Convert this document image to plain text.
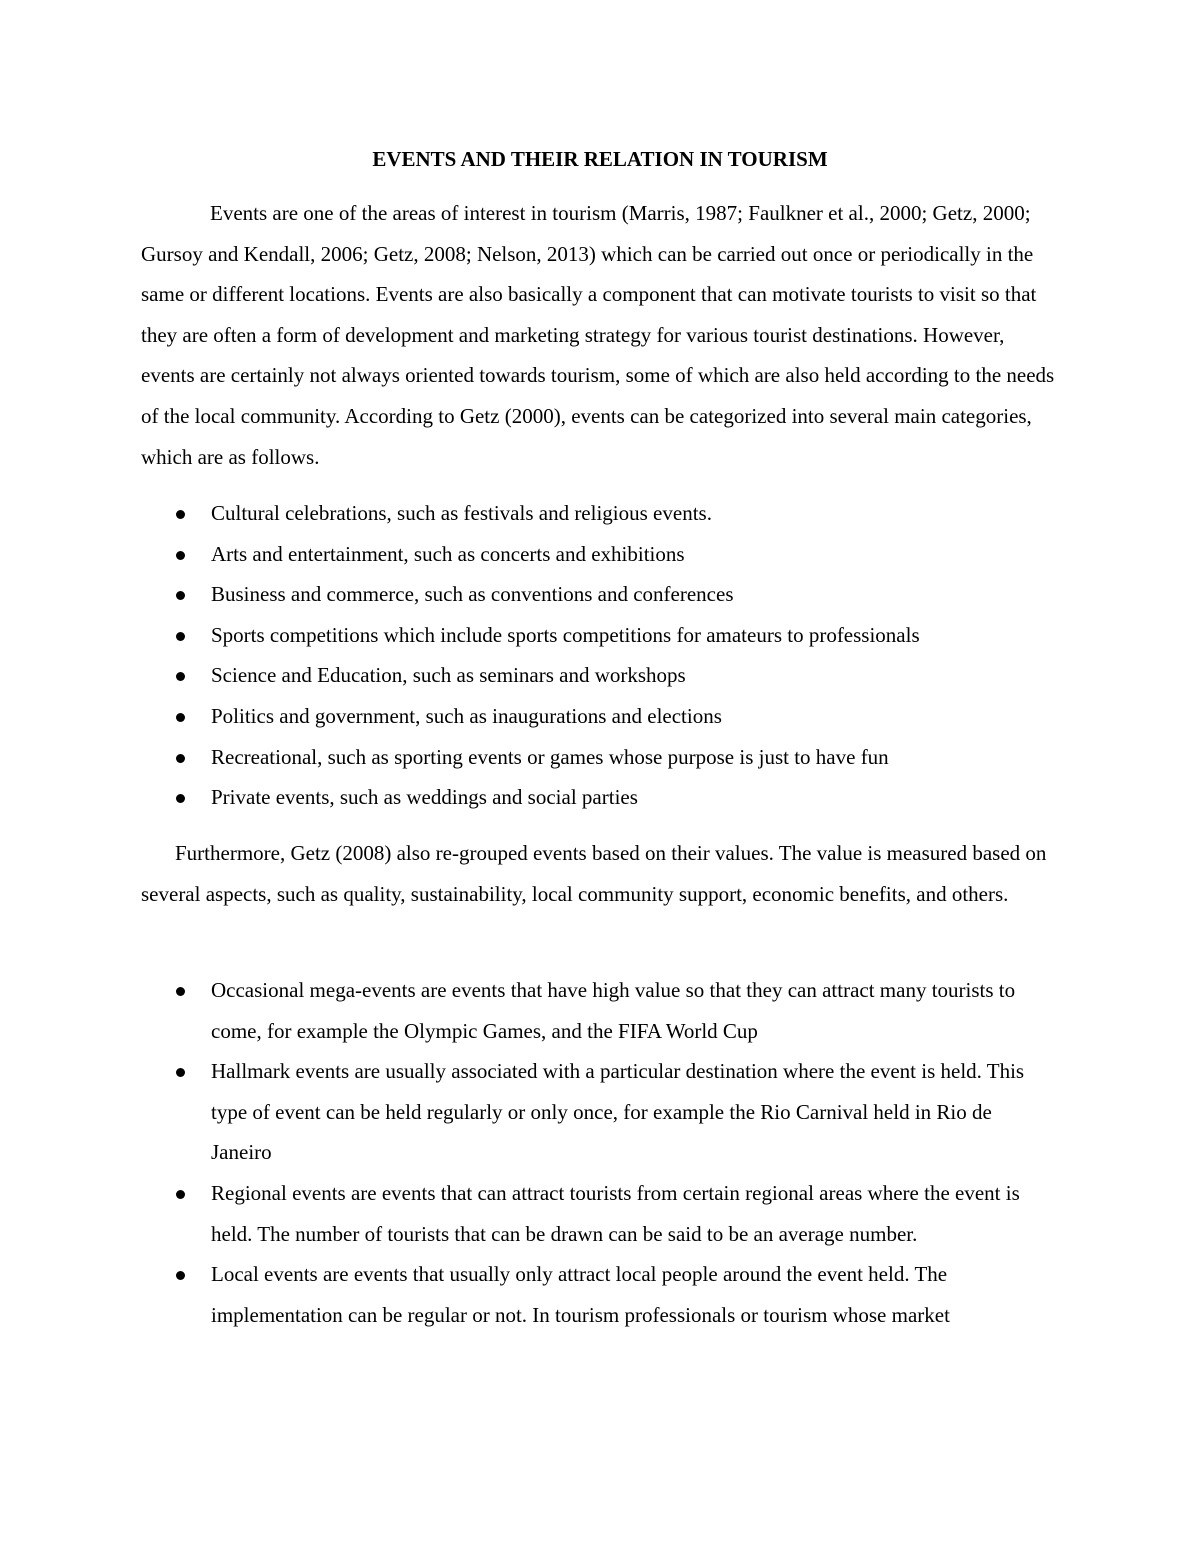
EVENTS AND THEIR RELATION IN TOURISM

Events are one of the areas of interest in tourism (Marris, 1987; Faulkner et al., 2000; Getz, 2000; Gursoy and Kendall, 2006; Getz, 2008; Nelson, 2013) which can be carried out once or periodically in the same or different locations. Events are also basically a component that can motivate tourists to visit so that they are often a form of development and marketing strategy for various tourist destinations. However, events are certainly not always oriented towards tourism, some of which are also held according to the needs of the local community. According to Getz (2000), events can be categorized into several main categories, which are as follows.

Cultural celebrations, such as festivals and religious events.
Arts and entertainment, such as concerts and exhibitions
Business and commerce, such as conventions and conferences
Sports competitions which include sports competitions for amateurs to professionals
Science and Education, such as seminars and workshops
Politics and government, such as inaugurations and elections
Recreational, such as sporting events or games whose purpose is just to have fun
Private events, such as weddings and social parties

Furthermore, Getz (2008) also re-grouped events based on their values. The value is measured based on several aspects, such as quality, sustainability, local community support, economic benefits, and others.

Occasional mega-events are events that have high value so that they can attract many tourists to come, for example the Olympic Games, and the FIFA World Cup
Hallmark events are usually associated with a particular destination where the event is held. This type of event can be held regularly or only once, for example the Rio Carnival held in Rio de Janeiro
Regional events are events that can attract tourists from certain regional areas where the event is held. The number of tourists that can be drawn can be said to be an average number.
Local events are events that usually only attract local people around the event held. The implementation can be regular or not. In tourism professionals or tourism whose market
